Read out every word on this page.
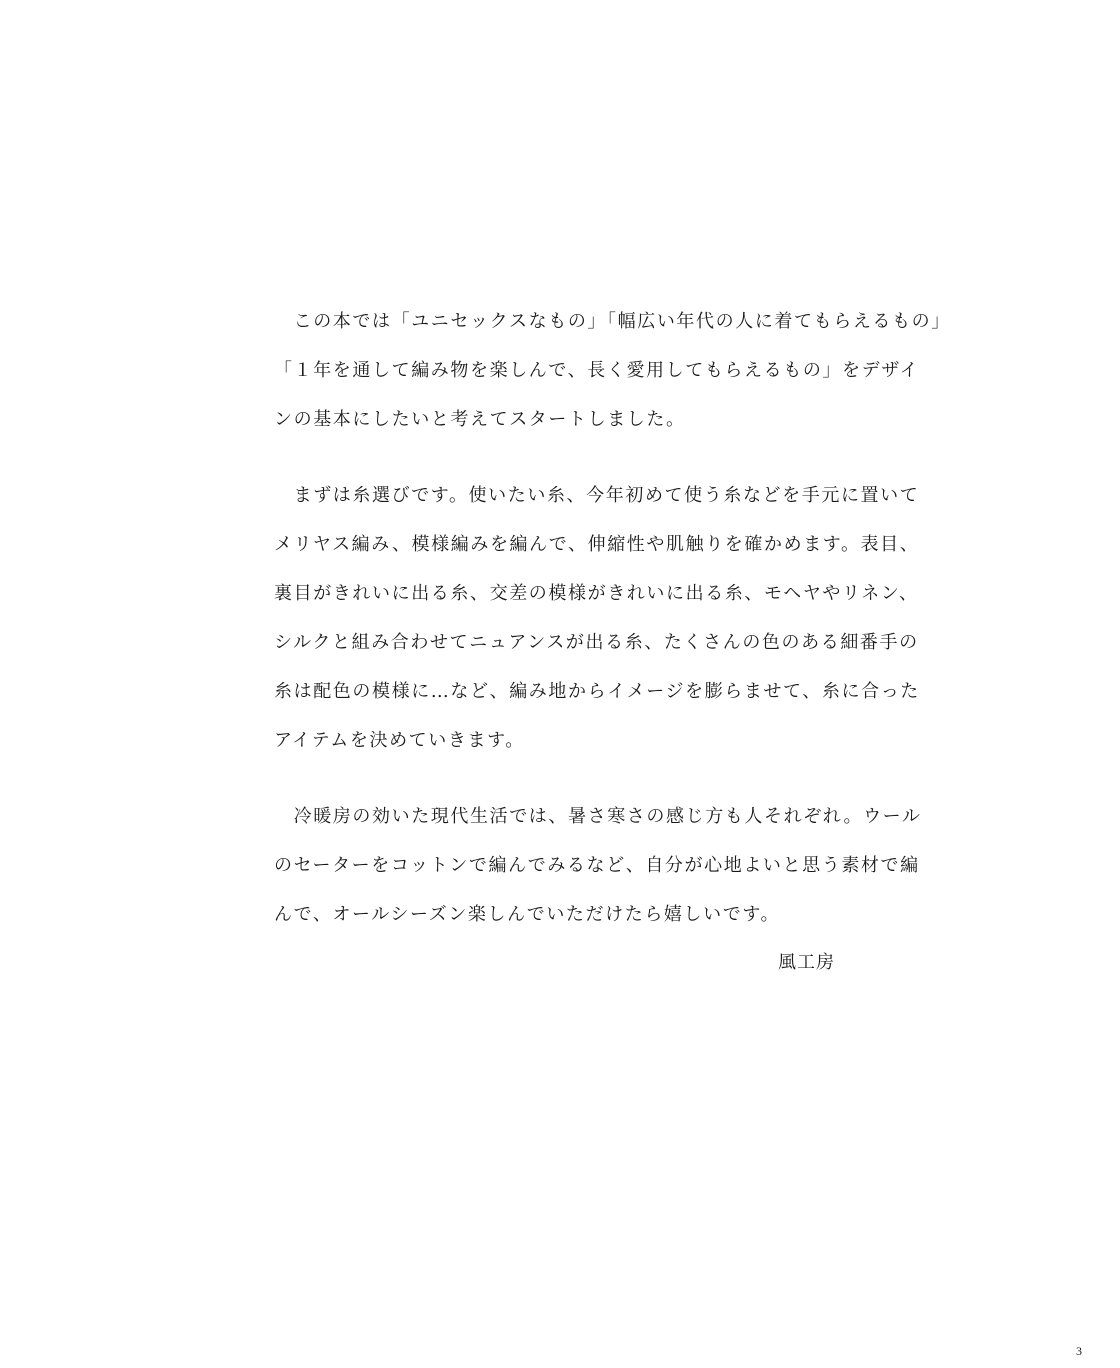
　この本では「ユニセックスなもの」「幅広い年代の人に着てもらえるもの」
「１年を通して編み物を楽しんで、長く愛用してもらえるもの」をデザイ
ンの基本にしたいと考えてスタートしました。
　まずは糸選びです。使いたい糸、今年初めて使う糸などを手元に置いて
メリヤス編み、模様編みを編んで、伸縮性や肌触りを確かめます。表目、
裏目がきれいに出る糸、交差の模様がきれいに出る糸、モヘヤやリネン、
シルクと組み合わせてニュアンスが出る糸、たくさんの色のある細番手の
糸は配色の模様に…など、編み地からイメージを膨らませて、糸に合った
アイテムを決めていきます。
　冷暖房の効いた現代生活では、暑さ寒さの感じ方も人それぞれ。ウール
のセーターをコットンで編んでみるなど、自分が心地よいと思う素材で編
んで、オールシーズン楽しんでいただけたら嬉しいです。
風工房
3
